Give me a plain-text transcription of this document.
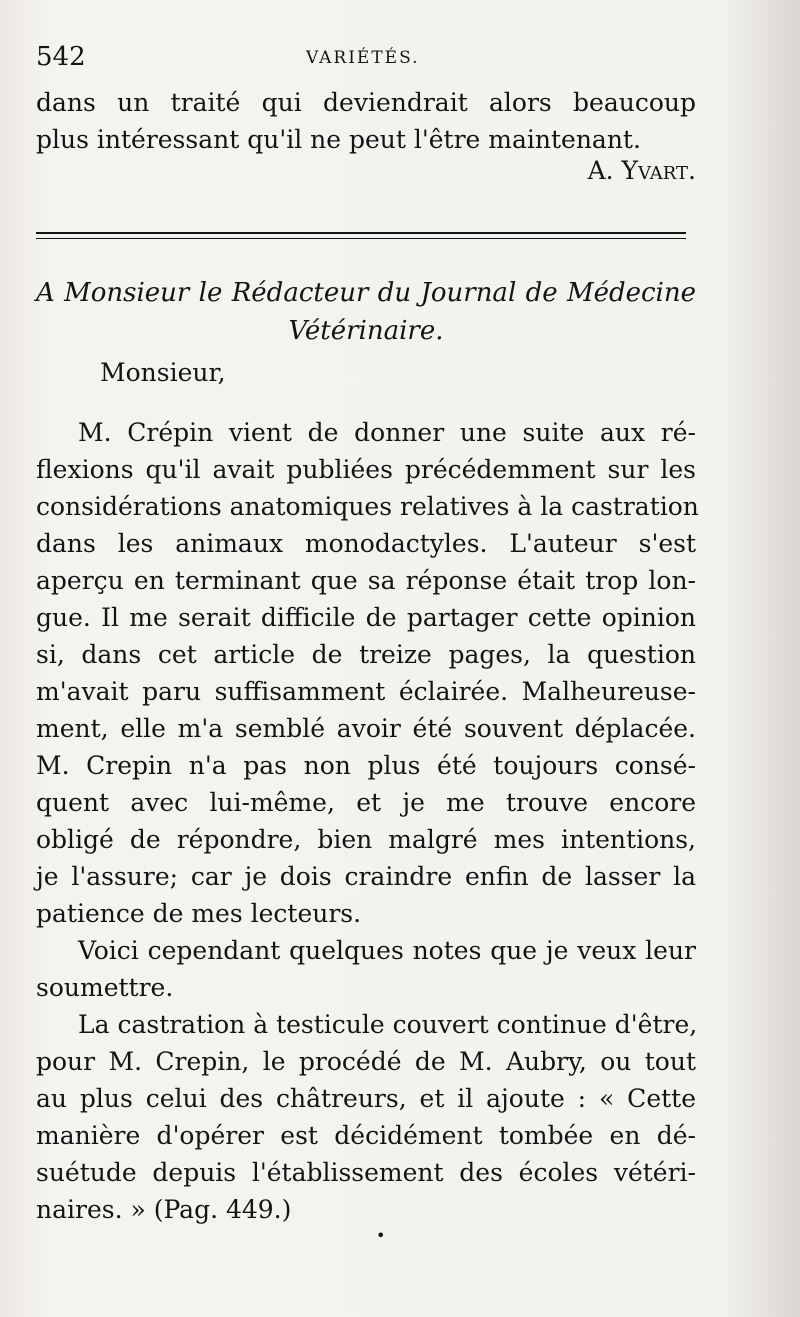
542	VARIÉTÉS.
dans un traité qui deviendrait alors beaucoup
plus intéressant qu'il ne peut l'être maintenant.
A. Yvart.
A Monsieur le Rédacteur du Journal de Médecine
Vétérinaire.
Monsieur,
M. Crépin vient de donner une suite aux ré-
flexions qu'il avait publiées précédemment sur les
considérations anatomiques relatives à la castration
dans les animaux monodactyles. L'auteur s'est
aperçu en terminant que sa réponse était trop lon-
gue. Il me serait difficile de partager cette opinion
si, dans cet article de treize pages, la question
m'avait paru suffisamment éclairée. Malheureuse-
ment, elle m'a semblé avoir été souvent déplacée.
M. Crepin n'a pas non plus été toujours consé-
quent avec lui-même, et je me trouve encore
obligé de répondre, bien malgré mes intentions,
je l'assure; car je dois craindre enfin de lasser la
patience de mes lecteurs.
Voici cependant quelques notes que je veux leur
soumettre.
La castration à testicule couvert continue d'être,
pour M. Crepin, le procédé de M. Aubry, ou tout
au plus celui des châtreurs, et il ajoute : « Cette
manière d'opérer est décidément tombée en dé-
suétude depuis l'établissement des écoles vétéri-
naires. » (Pag. 449.)
•
